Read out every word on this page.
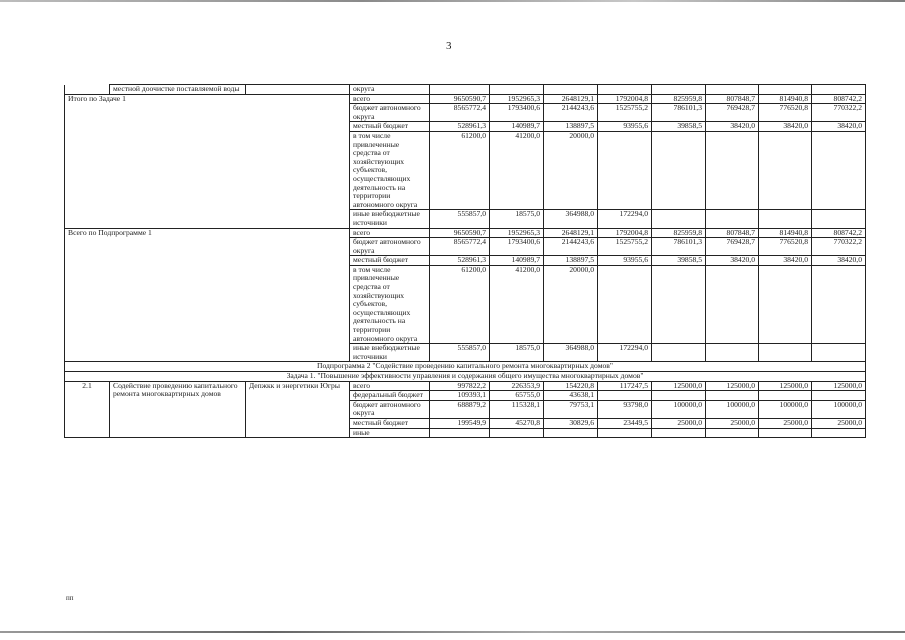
3
	местной доочистке поставляемой воды		округа								
Итого по Задаче 1			всего	9650590,7	1952965,3	2648129,1	1792004,8	825959,8	807848,7	814940,8	808742,2
			бюджет автономного округа	8565772,4	1793400,6	2144243,6	1525755,2	786101,3	769428,7	776520,8	770322,2
			местный бюджет	528961,3	140989,7	138897,5	93955,6	39858,5	38420,0	38420,0	38420,0
			в том числе привлеченные средства от хозяйствующих субъектов, осуществляющих деятельность на территории автономного округа	61200,0	41200,0	20000,0					
			иные внебюджетные источники	555857,0	18575,0	364988,0	172294,0				
Всего по Подпрограмме 1			всего	9650590,7	1952965,3	2648129,1	1792004,8	825959,8	807848,7	814940,8	808742,2
			бюджет автономного округа	8565772,4	1793400,6	2144243,6	1525755,2	786101,3	769428,7	776520,8	770322,2
			местный бюджет	528961,3	140989,7	138897,5	93955,6	39858,5	38420,0	38420,0	38420,0
			в том числе привлеченные средства от хозяйствующих субъектов, осуществляющих деятельность на территории автономного округа	61200,0	41200,0	20000,0					
			иные внебюджетные источники	555857,0	18575,0	364988,0	172294,0				
Подпрограмма 2 "Содействие проведению капитального ремонта многоквартирных домов"											
Задача 1. "Повышение эффективности управления и содержания общего имущества многоквартирных домов"											
2.1	Содействие проведению капитального ремонта многоквартирных домов	Депжкк и энергетики Югры	всего	997822,2	226353,9	154220,8	117247,5	125000,0	125000,0	125000,0	125000,0
			федеральный бюджет	109393,1	65755,0	43638,1					
			бюджет автономного округа	688879,2	115328,1	79753,1	93798,0	100000,0	100000,0	100000,0	100000,0
			местный бюджет	199549,9	45270,8	30829,6	23449,5	25000,0	25000,0	25000,0	25000,0
			иные								
пп
